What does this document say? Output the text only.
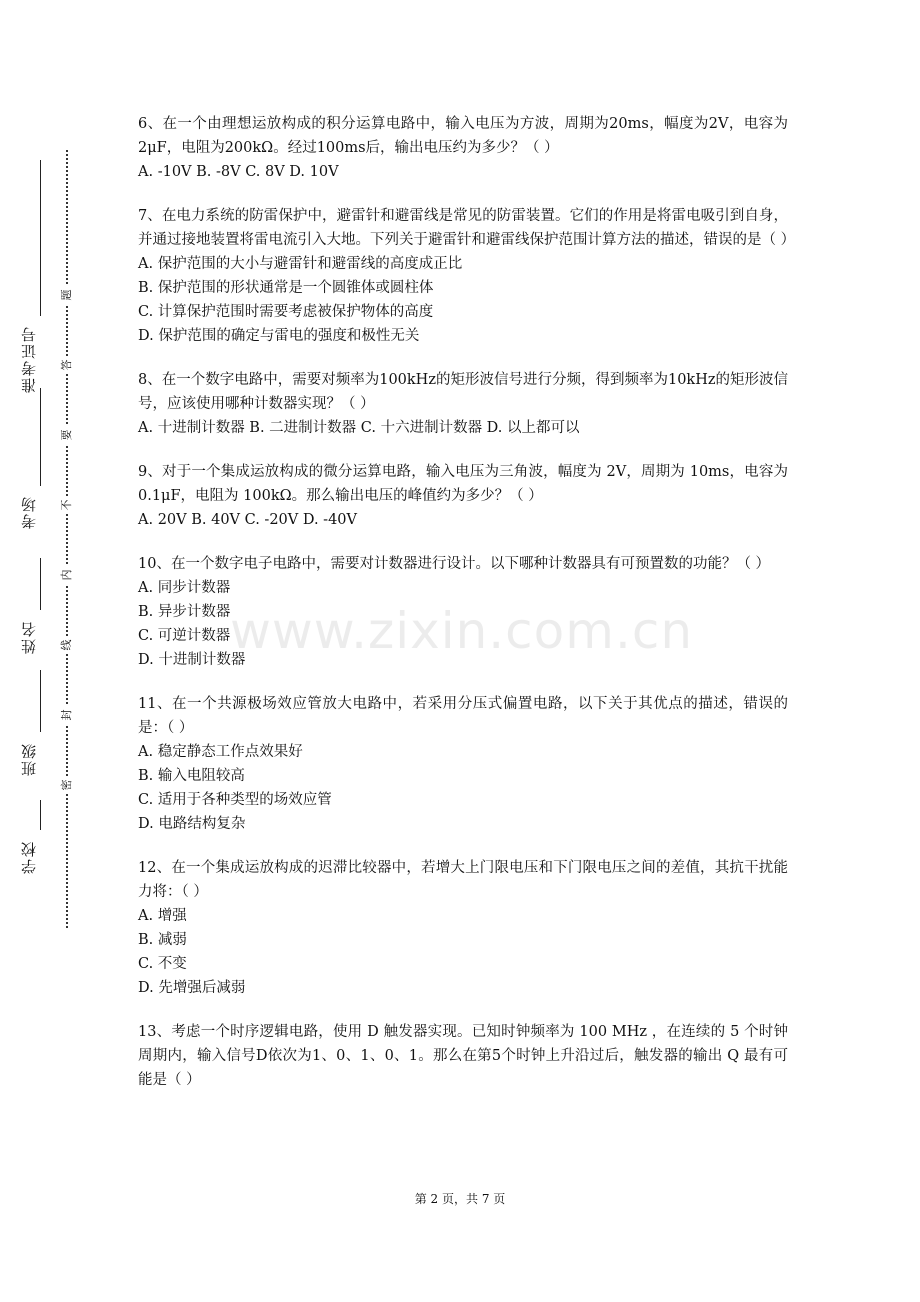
学校
班级
姓名
考场
准考证号
题
答
要
不
内
线
封
密
www.zixin.com.cn
6、在一个由理想运放构成的积分运算电路中，输入电压为方波，周期为20ms，幅度为2V，电容为2μF，电阻为200kΩ。经过100ms后，输出电压约为多少？（ ）
A. -10V B. -8V C. 8V D. 10V
7、在电力系统的防雷保护中，避雷针和避雷线是常见的防雷装置。它们的作用是将雷电吸引到自身，并通过接地装置将雷电流引入大地。下列关于避雷针和避雷线保护范围计算方法的描述，错误的是（ ）
A. 保护范围的大小与避雷针和避雷线的高度成正比
B. 保护范围的形状通常是一个圆锥体或圆柱体
C. 计算保护范围时需要考虑被保护物体的高度
D. 保护范围的确定与雷电的强度和极性无关
8、在一个数字电路中，需要对频率为100kHz的矩形波信号进行分频，得到频率为10kHz的矩形波信号，应该使用哪种计数器实现？（ ）
A. 十进制计数器 B. 二进制计数器 C. 十六进制计数器 D. 以上都可以
9、对于一个集成运放构成的微分运算电路，输入电压为三角波，幅度为 2V，周期为 10ms，电容为 0.1μF，电阻为 100kΩ。那么输出电压的峰值约为多少？（ ）
A. 20V B. 40V C. -20V D. -40V
10、在一个数字电子电路中，需要对计数器进行设计。以下哪种计数器具有可预置数的功能？（ ）
A. 同步计数器
B. 异步计数器
C. 可逆计数器
D. 十进制计数器
11、在一个共源极场效应管放大电路中，若采用分压式偏置电路，以下关于其优点的描述，错误的是：（ ）
A. 稳定静态工作点效果好
B. 输入电阻较高
C. 适用于各种类型的场效应管
D. 电路结构复杂
12、在一个集成运放构成的迟滞比较器中，若增大上门限电压和下门限电压之间的差值，其抗干扰能力将：（ ）
A. 增强
B. 减弱
C. 不变
D. 先增强后减弱
13、考虑一个时序逻辑电路，使用 D 触发器实现。已知时钟频率为 100 MHz ，在连续的 5 个时钟周期内，输入信号D依次为1、0、1、0、1。那么在第5个时钟上升沿过后，触发器的输出 Q 最有可能是（ ）
第 2 页，共 7 页
